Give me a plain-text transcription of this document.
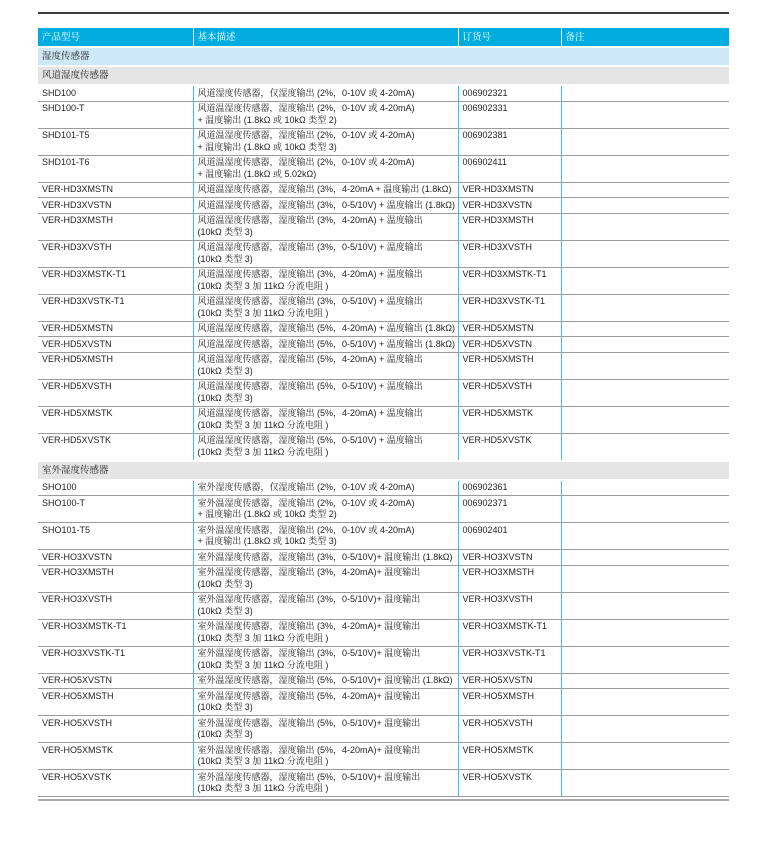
产品型号	基本描述	订货号	备注
湿度传感器			
风道湿度传感器			

SHD100	风道湿度传感器，仅湿度输出 (2%，0-10V 或 4-20mA)	006902321	

SHD100-T	风道温湿度传感器，湿度输出 (2%，0-10V 或 4-20mA)
+ 温度输出 (1.8kΩ 或 10kΩ 类型 2)	006902331	

SHD101-T5	风道温湿度传感器，湿度输出 (2%，0-10V 或 4-20mA)
+ 温度输出 (1.8kΩ 或 10kΩ 类型 3)	006902381	

SHD101-T6	风道温湿度传感器，湿度输出 (2%，0-10V 或 4-20mA)
+ 温度输出 (1.8kΩ 或 5.02kΩ)	006902411	

VER-HD3XMSTN	风道温湿度传感器，湿度输出 (3%，4-20mA + 温度输出 (1.8kΩ)	VER-HD3XMSTN	

VER-HD3XVSTN	风道温湿度传感器，湿度输出 (3%，0-5/10V) + 温度输出 (1.8kΩ)	VER-HD3XVSTN	

VER-HD3XMSTH	风道温湿度传感器，湿度输出 (3%，4-20mA) + 温度输出
(10kΩ 类型 3)	VER-HD3XMSTH	

VER-HD3XVSTH	风道温湿度传感器，湿度输出 (3%，0-5/10V) + 温度输出
(10kΩ 类型 3)	VER-HD3XVSTH	

VER-HD3XMSTK-T1	风道温湿度传感器，湿度输出 (3%，4-20mA) + 温度输出
(10kΩ 类型 3 加 11kΩ 分流电阻 )	VER-HD3XMSTK-T1	

VER-HD3XVSTK-T1	风道温湿度传感器，湿度输出 (3%，0-5/10V) + 温度输出
(10kΩ 类型 3 加 11kΩ 分流电阻 )	VER-HD3XVSTK-T1	

VER-HD5XMSTN	风道温湿度传感器，湿度输出 (5%，4-20mA) + 温度输出 (1.8kΩ)	VER-HD5XMSTN	

VER-HD5XVSTN	风道温湿度传感器，湿度输出 (5%，0-5/10V) + 温度输出 (1.8kΩ)	VER-HD5XVSTN	

VER-HD5XMSTH	风道温湿度传感器，湿度输出 (5%，4-20mA) + 温度输出
(10kΩ 类型 3)	VER-HD5XMSTH	

VER-HD5XVSTH	风道温湿度传感器，湿度输出 (5%，0-5/10V) + 温度输出
(10kΩ 类型 3)	VER-HD5XVSTH	

VER-HD5XMSTK	风道温湿度传感器，湿度输出 (5%，4-20mA) + 温度输出
(10kΩ 类型 3 加 11kΩ 分流电阻 )	VER-HD5XMSTK	

VER-HD5XVSTK	风道温湿度传感器，湿度输出 (5%，0-5/10V) + 温度输出
(10kΩ 类型 3 加 11kΩ 分流电阻 )	VER-HD5XVSTK	

室外湿度传感器			

SHO100	室外湿度传感器，仅湿度输出 (2%，0-10V 或 4-20mA)	006902361	

SHO100-T	室外温湿度传感器，湿度输出 (2%，0-10V 或 4-20mA)
+ 温度输出 (1.8kΩ 或 10kΩ 类型 2)	006902371	

SHO101-T5	室外温湿度传感器，湿度输出 (2%，0-10V 或 4-20mA)
+ 温度输出 (1.8kΩ 或 10kΩ 类型 3)	006902401	

VER-HO3XVSTN	室外温湿度传感器，湿度输出 (3%，0-5/10V)+ 温度输出 (1.8kΩ)	VER-HO3XVSTN	

VER-HO3XMSTH	室外温湿度传感器，湿度输出 (3%，4-20mA)+ 温度输出
(10kΩ 类型 3)	VER-HO3XMSTH	

VER-HO3XVSTH	室外温湿度传感器，湿度输出 (3%，0-5/10V)+ 温度输出
(10kΩ 类型 3)	VER-HO3XVSTH	

VER-HO3XMSTK-T1	室外温湿度传感器，湿度输出 (3%，4-20mA)+ 温度输出
(10kΩ 类型 3 加 11kΩ 分流电阻 )	VER-HO3XMSTK-T1	

VER-HO3XVSTK-T1	室外温湿度传感器，湿度输出 (3%，0-5/10V)+ 温度输出
(10kΩ 类型 3 加 11kΩ 分流电阻 )	VER-HO3XVSTK-T1	

VER-HO5XVSTN	室外温湿度传感器，湿度输出 (5%，0-5/10V)+ 温度输出 (1.8kΩ)	VER-HO5XVSTN	

VER-HO5XMSTH	室外温湿度传感器，湿度输出 (5%，4-20mA)+ 温度输出
(10kΩ 类型 3)	VER-HO5XMSTH	

VER-HO5XVSTH	室外温湿度传感器，湿度输出 (5%，0-5/10V)+ 温度输出
(10kΩ 类型 3)	VER-HO5XVSTH	

VER-HO5XMSTK	室外温湿度传感器，湿度输出 (5%，4-20mA)+ 温度输出
(10kΩ 类型 3 加 11kΩ 分流电阻 )	VER-HO5XMSTK	

VER-HO5XVSTK	室外温湿度传感器，湿度输出 (5%，0-5/10V)+ 温度输出
(10kΩ 类型 3 加 11kΩ 分流电阻 )	VER-HO5XVSTK	
